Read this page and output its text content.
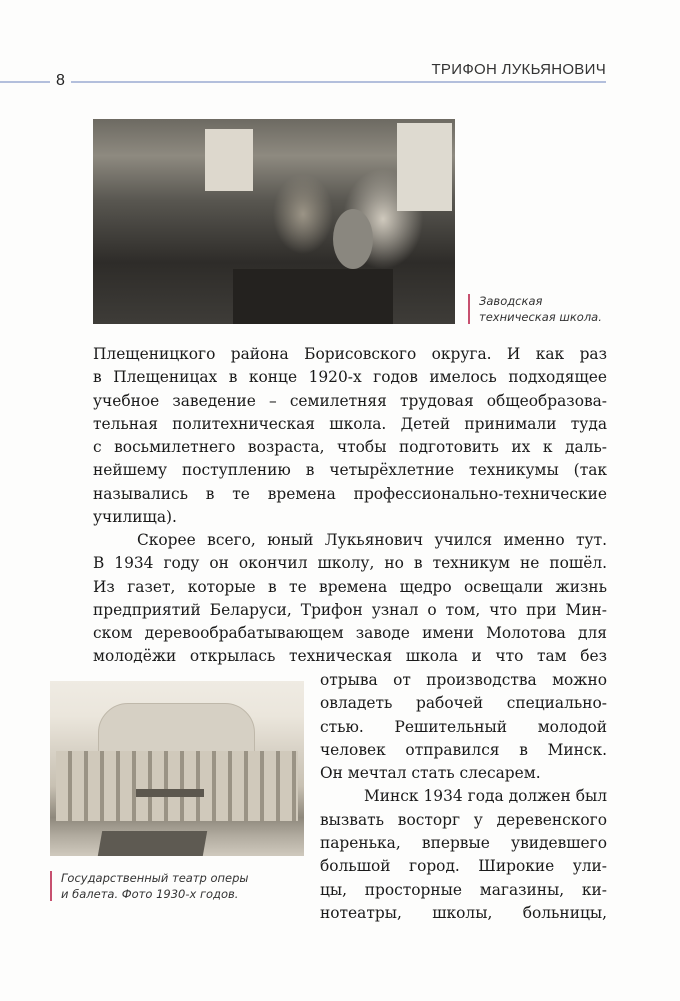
8
ТРИФОН ЛУКЬЯНОВИЧ
Заводская
техническая школа.
Плещеницкого района Борисовского округа. И как раз
в Плещеницах в конце 1920-х годов имелось подходящее
учебное заведение – семилетняя трудовая общеобразова-
тельная политехническая школа. Детей принимали туда
с восьмилетнего возраста, чтобы подготовить их к даль-
нейшему поступлению в четырёхлетние техникумы (так
назывались в те времена профессионально-технические
училища).
Скорее всего, юный Лукьянович учился именно тут.
В 1934 году он окончил школу, но в техникум не пошёл.
Из газет, которые в те времена щедро освещали жизнь
предприятий Беларуси, Трифон узнал о том, что при Мин-
ском деревообрабатывающем заводе имени Молотова для
молодёжи открылась техническая школа и что там без
Государственный театр оперы
и балета. Фото 1930-х годов.
отрыва от производства можно
овладеть рабочей специально-
стью. Решительный молодой
человек отправился в Минск.
Он мечтал стать слесарем.
Минск 1934 года должен был
вызвать восторг у деревенского
паренька, впервые увидевшего
большой город. Широкие ули-
цы, просторные магазины, ки-
нотеатры, школы, больницы,
